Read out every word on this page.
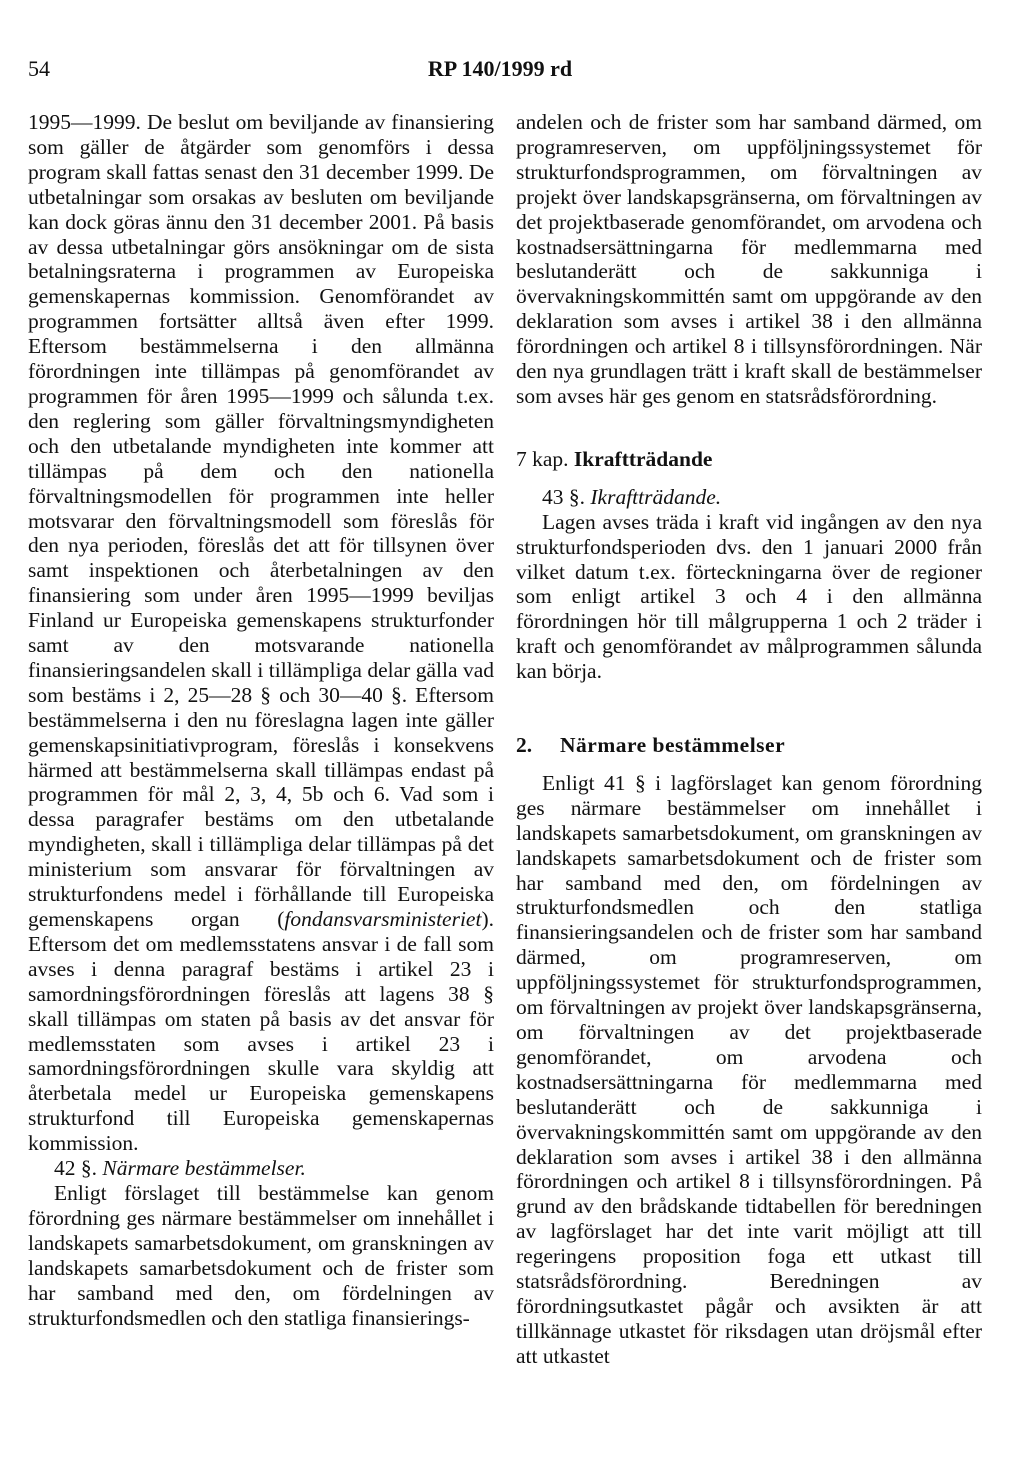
54	RP 140/1999 rd

1995—1999. De beslut om beviljande av finansiering som gäller de åtgärder som genomförs i dessa program skall fattas senast den 31 december 1999. De utbetalningar som orsakas av besluten om beviljande kan dock göras ännu den 31 december 2001. På basis av dessa utbetalningar görs ansökningar om de sista betalningsraterna i programmen av Europeiska gemenskapernas kommission. Genomförandet av programmen fortsätter alltså även efter 1999. Eftersom bestämmelserna i den allmänna förordningen inte tillämpas på genomförandet av programmen för åren 1995—1999 och sålunda t.ex. den reglering som gäller förvaltningsmyndigheten och den utbetalande myndigheten inte kommer att tillämpas på dem och den nationella förvaltningsmodellen för programmen inte heller motsvarar den förvaltningsmodell som föreslås för den nya perioden, föreslås det att för tillsynen över samt inspektionen och återbetalningen av den finansiering som under åren 1995—1999 beviljas Finland ur Europeiska gemenskapens strukturfonder samt av den motsvarande nationella finansieringsandelen skall i tillämpliga delar gälla vad som bestäms i 2, 25—28 § och 30—40 §. Eftersom bestämmelserna i den nu föreslagna lagen inte gäller gemenskapsinitiativprogram, föreslås i konsekvens härmed att bestämmelserna skall tillämpas endast på programmen för mål 2, 3, 4, 5b och 6. Vad som i dessa paragrafer bestäms om den utbetalande myndigheten, skall i tillämpliga delar tillämpas på det ministerium som ansvarar för förvaltningen av strukturfondens medel i förhållande till Europeiska gemenskapens organ (fondansvarsministeriet). Eftersom det om medlemsstatens ansvar i de fall som avses i denna paragraf bestäms i artikel 23 i samordningsförordningen föreslås att lagens 38 § skall tillämpas om staten på basis av det ansvar för medlemsstaten som avses i artikel 23 i samordningsförordningen skulle vara skyldig att återbetala medel ur Europeiska gemenskapens strukturfond till Europeiska gemenskapernas kommission.

42 §. Närmare bestämmelser.

Enligt förslaget till bestämmelse kan genom förordning ges närmare bestämmelser om innehållet i landskapets samarbetsdokument, om granskningen av landskapets samarbetsdokument och de frister som har samband med den, om fördelningen av strukturfondsmedlen och den statliga finansierings-

andelen och de frister som har samband därmed, om programreserven, om uppföljningssystemet för strukturfondsprogrammen, om förvaltningen av projekt över landskapsgränserna, om förvaltningen av det projektbaserade genomförandet, om arvodena och kostnadsersättningarna för medlemmarna med beslutanderätt och de sakkunniga i övervakningskommittén samt om uppgörande av den deklaration som avses i artikel 38 i den allmänna förordningen och artikel 8 i tillsynsförordningen. När den nya grundlagen trätt i kraft skall de bestämmelser som avses här ges genom en statsrådsförordning.

7 kap. Ikraftträdande

43 §. Ikraftträdande.

Lagen avses träda i kraft vid ingången av den nya strukturfondsperioden dvs. den 1 januari 2000 från vilket datum t.ex. förteckningarna över de regioner som enligt artikel 3 och 4 i den allmänna förordningen hör till målgrupperna 1 och 2 träder i kraft och genomförandet av målprogrammen sålunda kan börja.

2. Närmare bestämmelser

Enligt 41 § i lagförslaget kan genom förordning ges närmare bestämmelser om innehållet i landskapets samarbetsdokument, om granskningen av landskapets samarbetsdokument och de frister som har samband med den, om fördelningen av strukturfondsmedlen och den statliga finansieringsandelen och de frister som har samband därmed, om programreserven, om uppföljningssystemet för strukturfondsprogrammen, om förvaltningen av projekt över landskapsgränserna, om förvaltningen av det projektbaserade genomförandet, om arvodena och kostnadsersättningarna för medlemmarna med beslutanderätt och de sakkunniga i övervakningskommittén samt om uppgörande av den deklaration som avses i artikel 38 i den allmänna förordningen och artikel 8 i tillsynsförordningen. På grund av den brådskande tidtabellen för beredningen av lagförslaget har det inte varit möjligt att till regeringens proposition foga ett utkast till statsrådsförordning. Beredningen av förordningsutkastet pågår och avsikten är att tillkännage utkastet för riksdagen utan dröjsmål efter att utkastet
